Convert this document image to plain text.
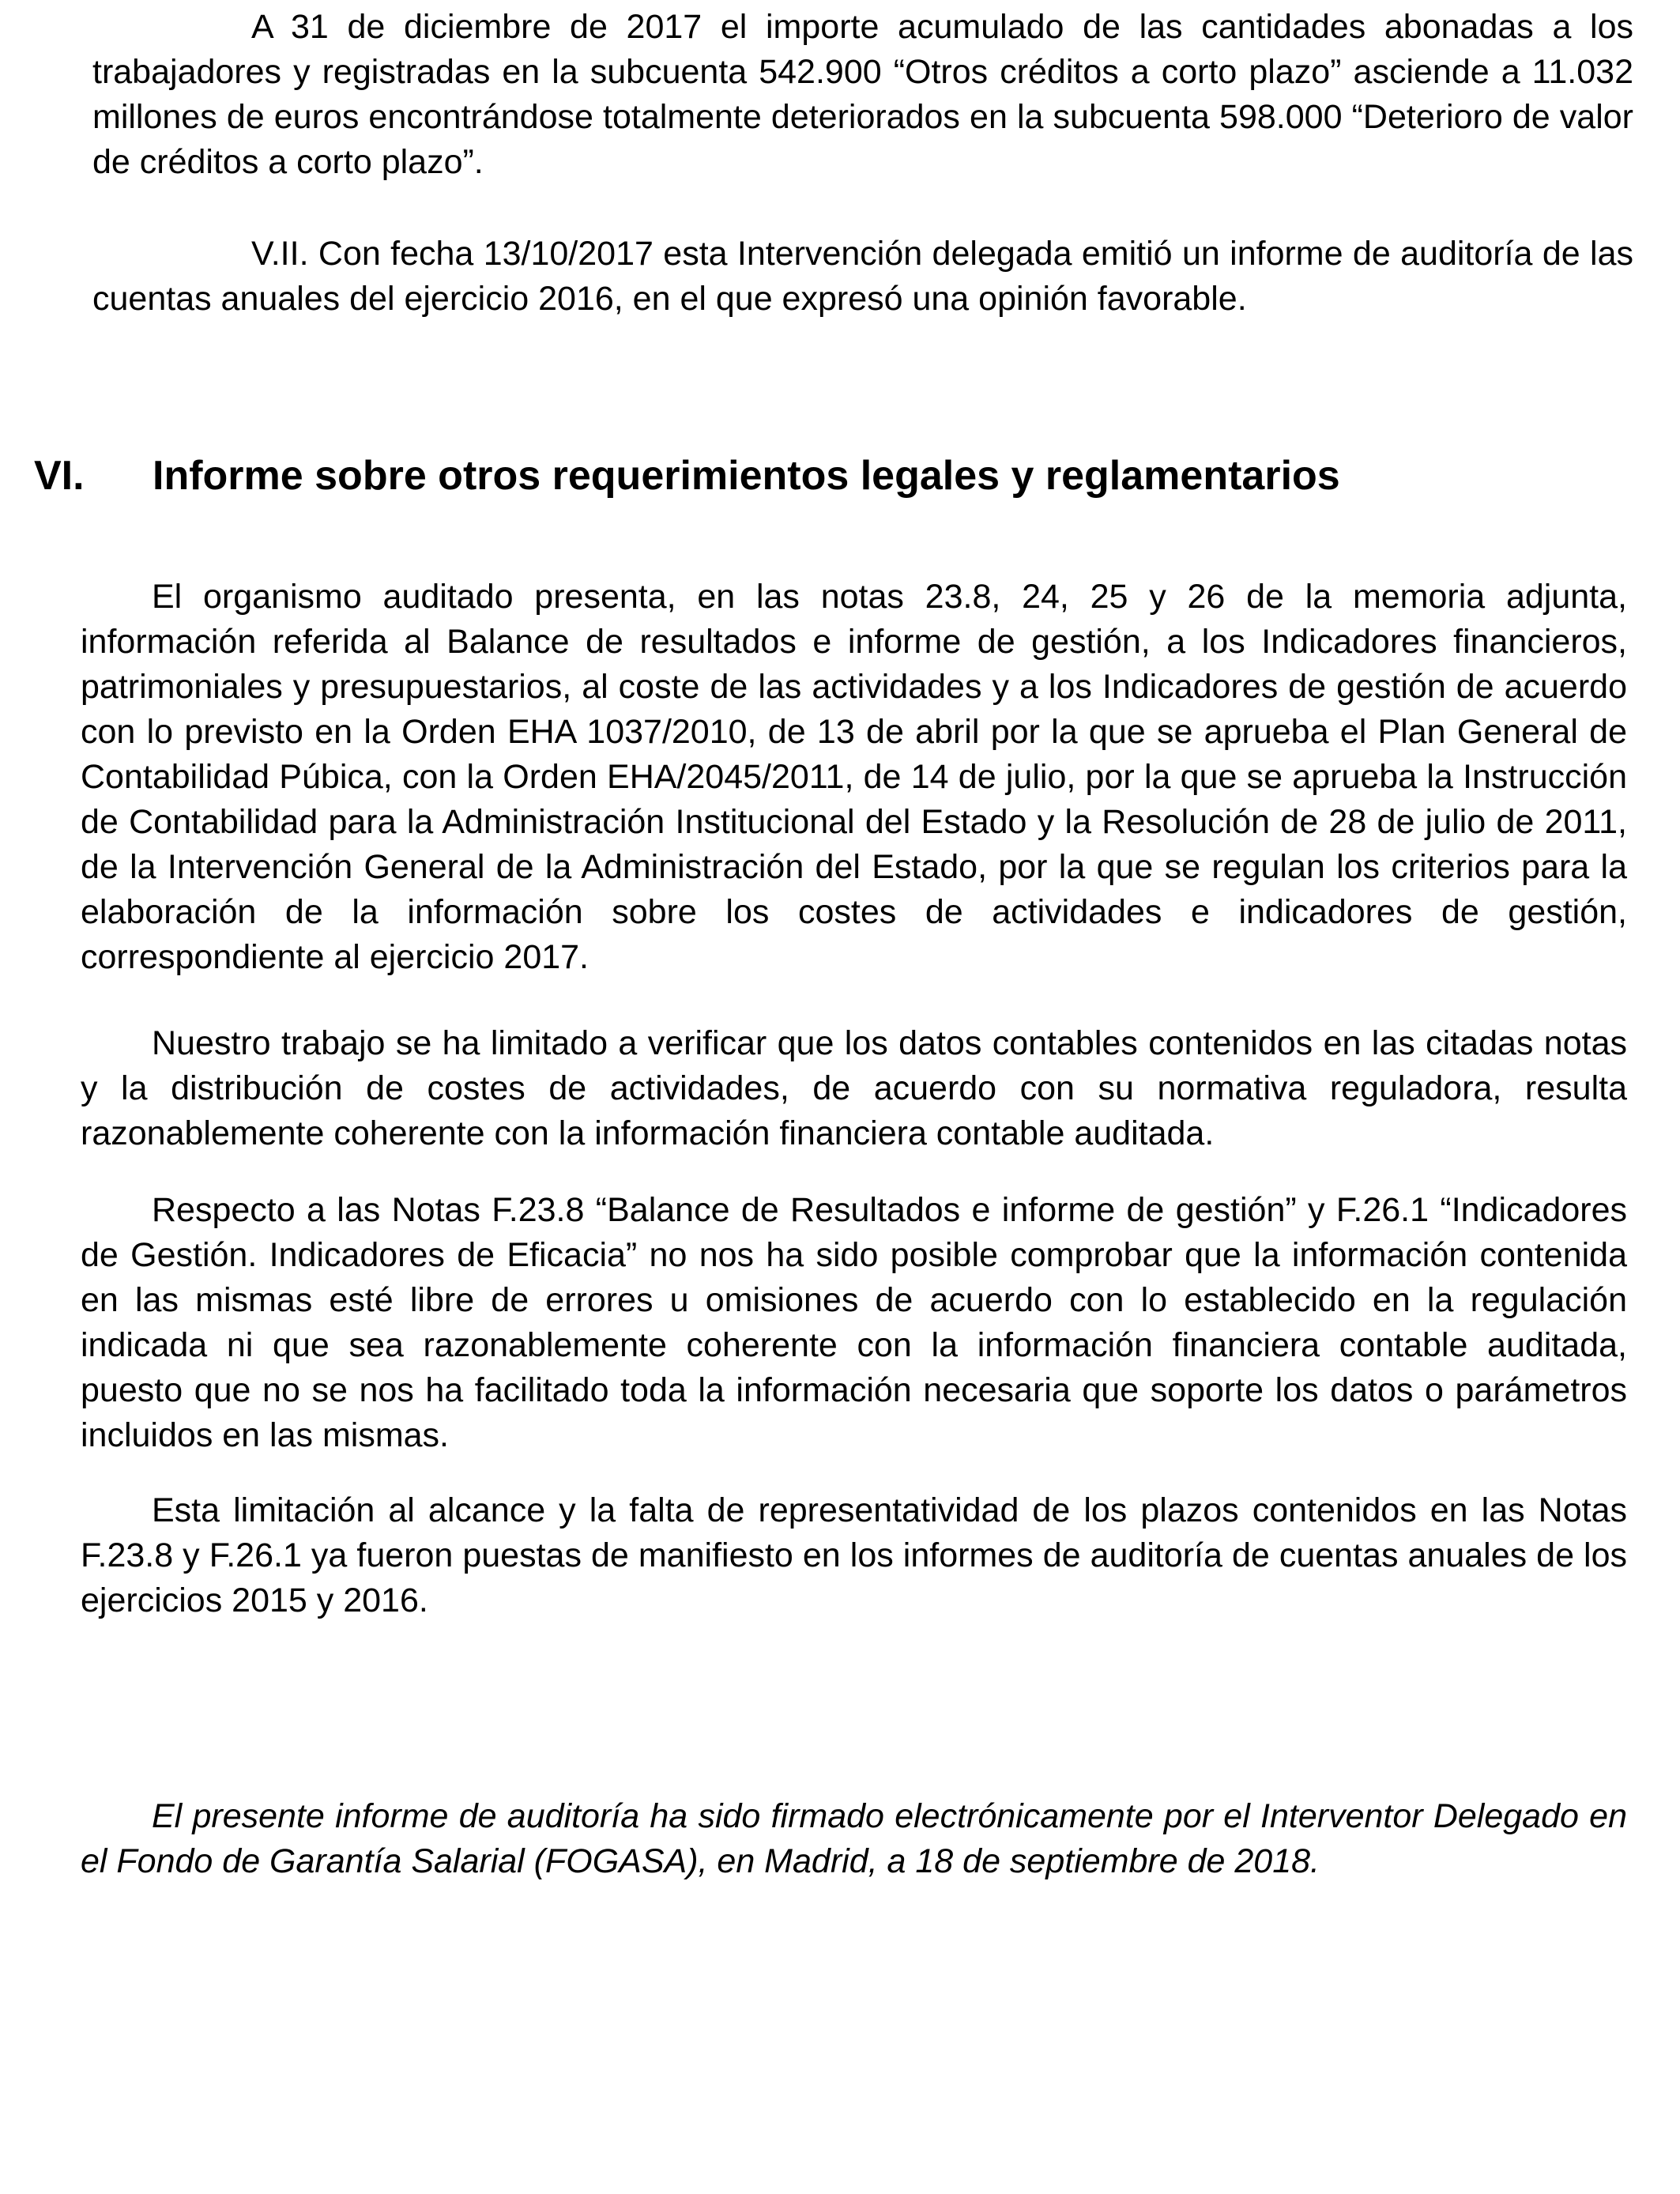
A 31 de diciembre de 2017 el importe acumulado de las cantidades abonadas a los trabajadores y registradas en la subcuenta 542.900 “Otros créditos a corto plazo” asciende a 11.032 millones de euros encontrándose totalmente deteriorados en la subcuenta 598.000 “Deterioro de valor de créditos a corto plazo”.

V.II. Con fecha 13/10/2017 esta Intervención delegada emitió un informe de auditoría de las cuentas anuales del ejercicio 2016, en el que expresó una opinión favorable.

VI.	Informe sobre otros requerimientos legales y reglamentarios

El organismo auditado presenta, en las notas 23.8, 24, 25 y 26 de la memoria adjunta, información referida al Balance de resultados e informe de gestión, a los Indicadores financieros, patrimoniales y presupuestarios, al coste de las actividades y a los Indicadores de gestión de acuerdo con lo previsto en la Orden EHA 1037/2010, de 13 de abril por la que se aprueba el Plan General de Contabilidad Púbica, con la Orden EHA/2045/2011, de 14 de julio, por la que se aprueba la Instrucción de Contabilidad para la Administración Institucional del Estado y la Resolución de 28 de julio de 2011, de la Intervención General de la Administración del Estado, por la que se regulan los criterios para la elaboración de la información sobre los costes de actividades e indicadores de gestión, correspondiente al ejercicio 2017.

Nuestro trabajo se ha limitado a verificar que los datos contables contenidos en las citadas notas y la distribución de costes de actividades, de acuerdo con su normativa reguladora, resulta razonablemente coherente con la información financiera contable auditada.

Respecto a las Notas F.23.8 “Balance de Resultados e informe de gestión” y F.26.1 “Indicadores de Gestión. Indicadores de Eficacia” no nos ha sido posible comprobar que la información contenida en las mismas esté libre de errores u omisiones de acuerdo con lo establecido en la regulación indicada ni que sea razonablemente coherente con la información financiera contable auditada, puesto que no se nos ha facilitado toda la información necesaria que soporte los datos o parámetros incluidos en las mismas.

Esta limitación al alcance y la falta de representatividad de los plazos contenidos en las Notas F.23.8 y F.26.1 ya fueron puestas de manifiesto en los informes de auditoría de cuentas anuales de los ejercicios 2015 y 2016.

El presente informe de auditoría ha sido firmado electrónicamente por el Interventor Delegado en el Fondo de Garantía Salarial (FOGASA), en Madrid, a 18 de septiembre de 2018.
